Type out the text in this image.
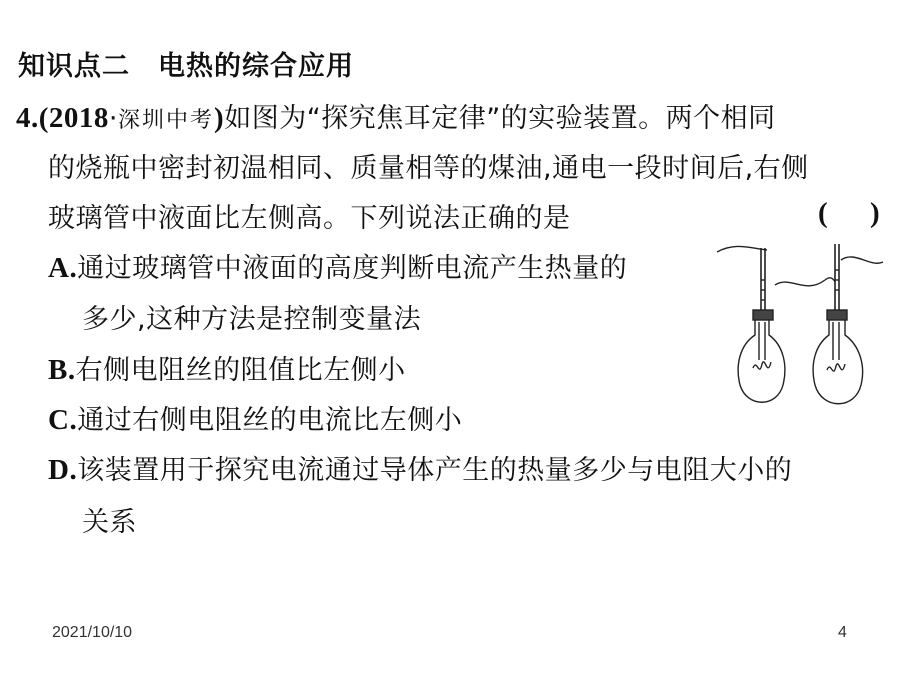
知识点二　电热的综合应用
4.(2018·深圳中考)如图为“探究焦耳定律”的实验装置。两个相同
的烧瓶中密封初温相同、质量相等的煤油,通电一段时间后,右侧
玻璃管中液面比左侧高。下列说法正确的是	( )
A.通过玻璃管中液面的高度判断电流产生热量的
多少,这种方法是控制变量法
B.右侧电阻丝的阻值比左侧小
C.通过右侧电阻丝的电流比左侧小
D.该装置用于探究电流通过导体产生的热量多少与电阻大小的
关系
2021/10/10	4
